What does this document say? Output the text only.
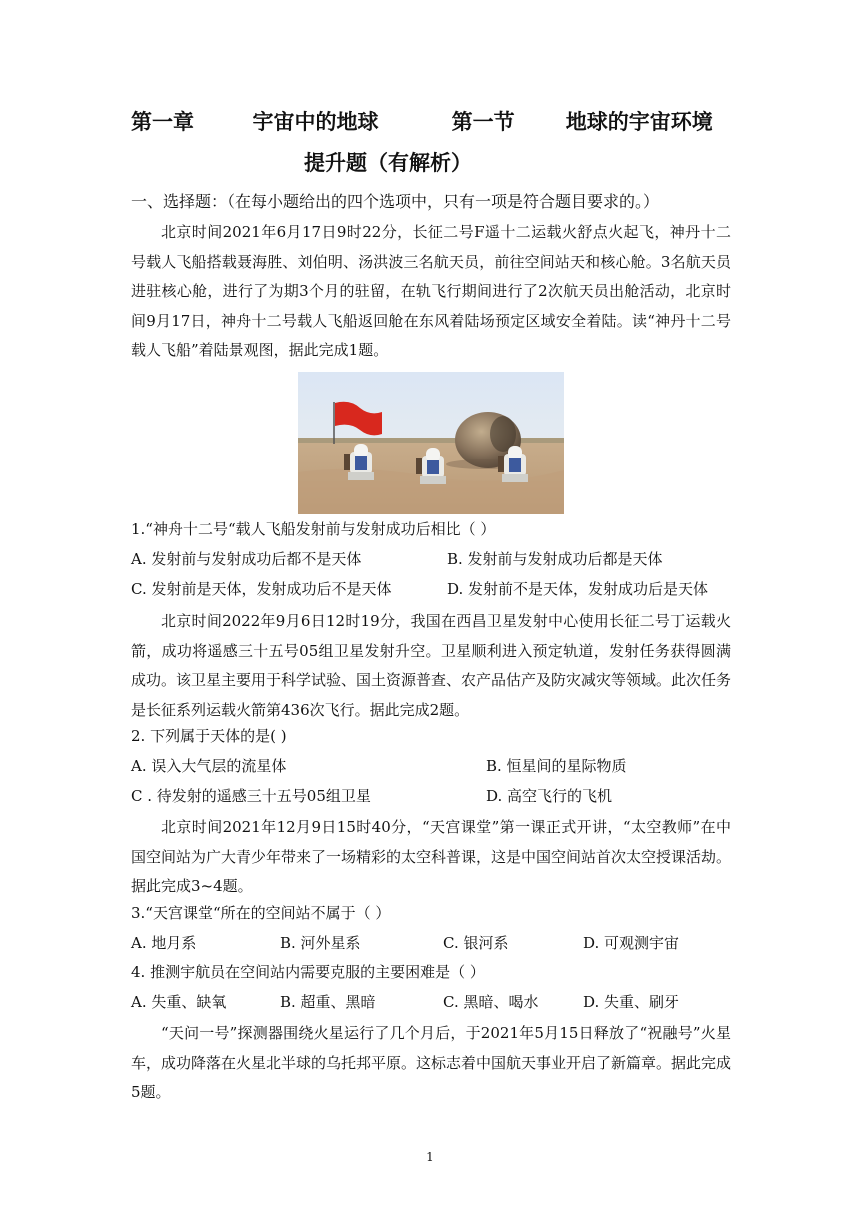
第一章        宇宙中的地球          第一节       地球的宇宙环境
提升题（有解析）
一、选择题：（在每小题给出的四个选项中，只有一项是符合题目要求的。）
北京时间2021年6月17日9时22分，长征二号F遥十二运载火舒点火起飞，神丹十二号载人飞船搭载聂海胜、刘伯明、汤洪波三名航天员，前往空间站天和核心舱。3名航天员进驻核心舱，进行了为期3个月的驻留，在轨飞行期间进行了2次航天员出舱活动，北京时间9月17日，神舟十二号载人飞船返回舱在东风着陆场预定区域安全着陆。读“神丹十二号载人飞船”着陆景观图，据此完成1题。
1.“神舟十二号“载人飞船发射前与发射成功后相比（ ）
A. 发射前与发射成功后都不是天体	B. 发射前与发射成功后都是天体
C. 发射前是天体，发射成功后不是天体	D. 发射前不是天体，发射成功后是天体
北京时间2022年9月6日12时19分，我国在西昌卫星发射中心使用长征二号丁运载火箭，成功将遥感三十五号05组卫星发射升空。卫星顺利进入预定轨道，发射任务获得圆满成功。该卫星主要用于科学试验、国土资源普查、农产品估产及防灾减灾等领域。此次任务是长征系列运载火箭第436次飞行。据此完成2题。
2. 下列属于天体的是( )
A. 误入大气层的流星体	B. 恒星间的星际物质
C . 待发射的遥感三十五号05组卫星	D. 高空飞行的飞机
北京时间2021年12月9日15时40分，“天宫课堂”第一课正式开讲，“太空教师”在中国空间站为广大青少年带来了一场精彩的太空科普课，这是中国空间站首次太空授课活劫。据此完成3~4题。
3.“天宫课堂“所在的空间站不属于（ ）
A. 地月系	B. 河外星系	C. 银河系	D. 可观测宇宙
4. 推测宇航员在空间站内需要克服的主要困难是（ ）
A. 失重、缺氧	B. 超重、黑暗	C. 黑暗、喝水	D. 失重、刷牙
“天问一号”探测器围绕火星运行了几个月后，于2021年5月15日释放了“祝融号”火星车，成功降落在火星北半球的乌托邦平原。这标志着中国航天事业开启了新篇章。据此完成5题。
1
